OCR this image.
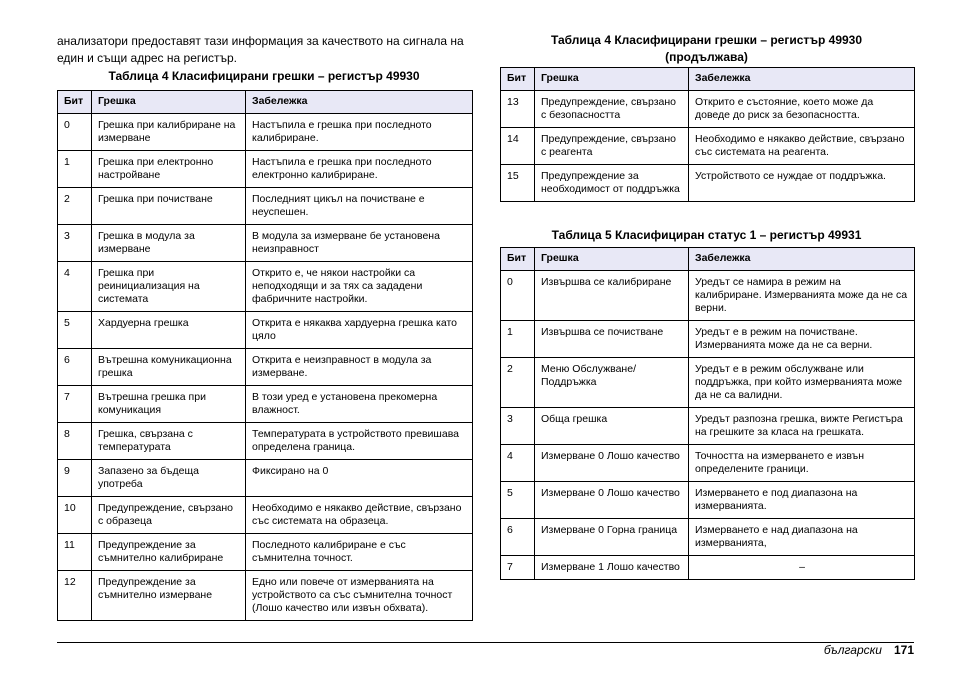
анализатори предоставят тази информация за качеството на сигнала на един и същи адрес на регистър.
Таблица 4 Класифицирани грешки – регистър 49930
Бит	Грешка	Забележка
0	Грешка при калибриране на измерване	Настъпила е грешка при последното калибриране.
1	Грешка при електронно настройване	Настъпила е грешка при последното електронно калибриране.
2	Грешка при почистване	Последният цикъл на почистване е неуспешен.
3	Грешка в модула за измерване	В модула за измерване бе установена неизправност
4	Грешка при реинициализация на системата	Открито е, че някои настройки са неподходящи и за тях са зададени фабричните настройки.
5	Хардуерна грешка	Открита е някаква хардуерна грешка като цяло
6	Вътрешна комуникационна грешка	Открита е неизправност в модула за измерване.
7	Вътрешна грешка при комуникация	В този уред е установена прекомерна влажност.
8	Грешка, свързана с температурата	Температурата в устройството превишава определена граница.
9	Запазено за бъдеща употреба	Фиксирано на 0
10	Предупреждение, свързано с образеца	Необходимо е някакво действие, свързано със системата на образеца.
11	Предупреждение за съмнително калибриране	Последното калибриране е със съмнителна точност.
12	Предупреждение за съмнително измерване	Едно или повече от измерванията на устройството са със съмнителна точност (Лошо качество или извън обхвата).
Таблица 4 Класифицирани грешки – регистър 49930
(продължава)
Бит	Грешка	Забележка
13	Предупреждение, свързано с безопасността	Открито е състояние, което може да доведе до риск за безопасността.
14	Предупреждение, свързано с реагента	Необходимо е някакво действие, свързано със системата на реагента.
15	Предупреждение за необходимост от поддръжка	Устройството се нуждае от поддръжка.
Таблица 5 Класифициран статус 1 – регистър 49931
Бит	Грешка	Забележка
0	Извършва се калибриране	Уредът се намира в режим на калибриране. Измерванията може да не са верни.
1	Извършва се почистване	Уредът е в режим на почистване. Измерванията може да не са верни.
2	Меню Обслужване/Поддръжка	Уредът е в режим обслужване или поддръжка, при който измерванията може да не са валидни.
3	Обща грешка	Уредът разпозна грешка, вижте Регистъра на грешките за класа на грешката.
4	Измерване 0 Лошо качество	Точността на измерването е извън определените граници.
5	Измерване 0 Лошо качество	Измерването е под диапазона на измерванията.
6	Измерване 0 Горна граница	Измерването е над диапазона на измерванията,
7	Измерване 1 Лошо качество	–
български 171
